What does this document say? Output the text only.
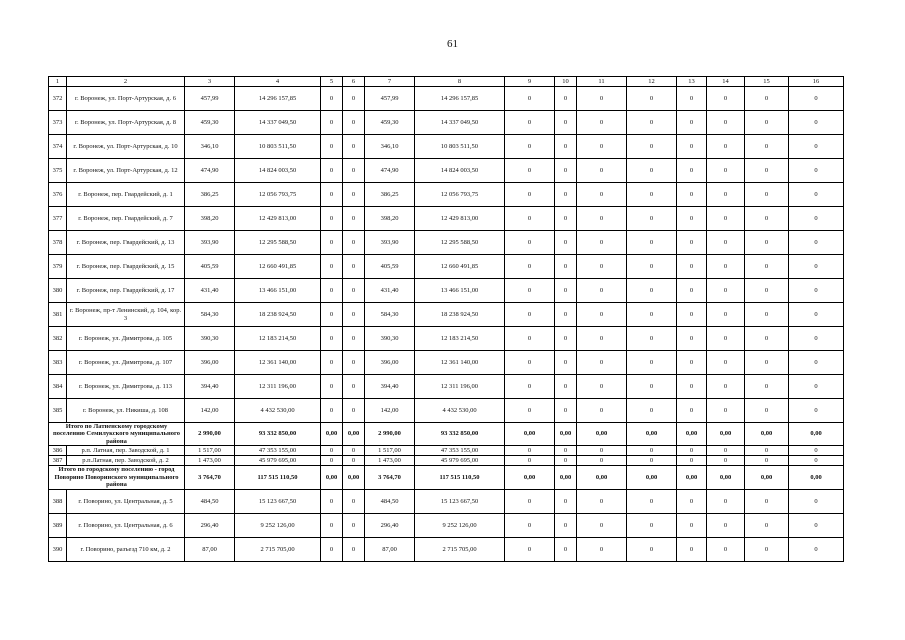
61
1	2	3	4	5	6	7	8	9	10	11	12	13	14	15	16
372	г. Воронеж, ул. Порт-Артурская, д. 6	457,99	14 296 157,85	0	0	457,99	14 296 157,85	0	0	0	0	0	0	0	0
373	г. Воронеж, ул. Порт-Артурская, д. 8	459,30	14 337 049,50	0	0	459,30	14 337 049,50	0	0	0	0	0	0	0	0
374	г. Воронеж, ул. Порт-Артурская, д. 10	346,10	10 803 511,50	0	0	346,10	10 803 511,50	0	0	0	0	0	0	0	0
375	г. Воронеж, ул. Порт-Артурская, д. 12	474,90	14 824 003,50	0	0	474,90	14 824 003,50	0	0	0	0	0	0	0	0
376	г. Воронеж, пер. Гвардейский, д. 1	386,25	12 056 793,75	0	0	386,25	12 056 793,75	0	0	0	0	0	0	0	0
377	г. Воронеж, пер. Гвардейский, д. 7	398,20	12 429 813,00	0	0	398,20	12 429 813,00	0	0	0	0	0	0	0	0
378	г. Воронеж, пер. Гвардейский, д. 13	393,90	12 295 588,50	0	0	393,90	12 295 588,50	0	0	0	0	0	0	0	0
379	г. Воронеж, пер. Гвардейский, д. 15	405,59	12 660 491,85	0	0	405,59	12 660 491,85	0	0	0	0	0	0	0	0
380	г. Воронеж, пер. Гвардейский, д. 17	431,40	13 466 151,00	0	0	431,40	13 466 151,00	0	0	0	0	0	0	0	0
381	г. Воронеж, пр-т Ленинский, д. 104, кор. 3	584,30	18 238 924,50	0	0	584,30	18 238 924,50	0	0	0	0	0	0	0	0
382	г. Воронеж, ул. Димитрова, д. 105	390,30	12 183 214,50	0	0	390,30	12 183 214,50	0	0	0	0	0	0	0	0
383	г. Воронеж, ул. Димитрова, д. 107	396,00	12 361 140,00	0	0	396,00	12 361 140,00	0	0	0	0	0	0	0	0
384	г. Воронеж, ул. Димитрова, д. 113	394,40	12 311 196,00	0	0	394,40	12 311 196,00	0	0	0	0	0	0	0	0
385	г. Воронеж, ул. Никиша, д. 108	142,00	4 432 530,00	0	0	142,00	4 432 530,00	0	0	0	0	0	0	0	0
Итого по Латненскому городскому поселению Семилукского муниципального района		2 990,00	93 332 850,00	0,00	0,00	2 990,00	93 332 850,00	0,00	0,00	0,00	0,00	0,00	0,00	0,00	0,00
386	р.п. Латная, пер. Заводской, д. 1	1 517,00	47 353 155,00	0	0	1 517,00	47 353 155,00	0	0	0	0	0	0	0	0
387	р.п.Латная, пер. Заводской, д. 2	1 473,00	45 979 695,00	0	0	1 473,00	45 979 695,00	0	0	0	0	0	0	0	0
Итого по городскому поселению - город Поворино Поворинского муниципального района		3 764,70	117 515 110,50	0,00	0,00	3 764,70	117 515 110,50	0,00	0,00	0,00	0,00	0,00	0,00	0,00	0,00
388	г. Поворино, ул. Центральная, д. 5	484,50	15 123 667,50	0	0	484,50	15 123 667,50	0	0	0	0	0	0	0	0
389	г. Поворино, ул. Центральная, д. 6	296,40	9 252 126,00	0	0	296,40	9 252 126,00	0	0	0	0	0	0	0	0
390	г. Поворино, разъезд 710 км, д. 2	87,00	2 715 705,00	0	0	87,00	2 715 705,00	0	0	0	0	0	0	0	0
